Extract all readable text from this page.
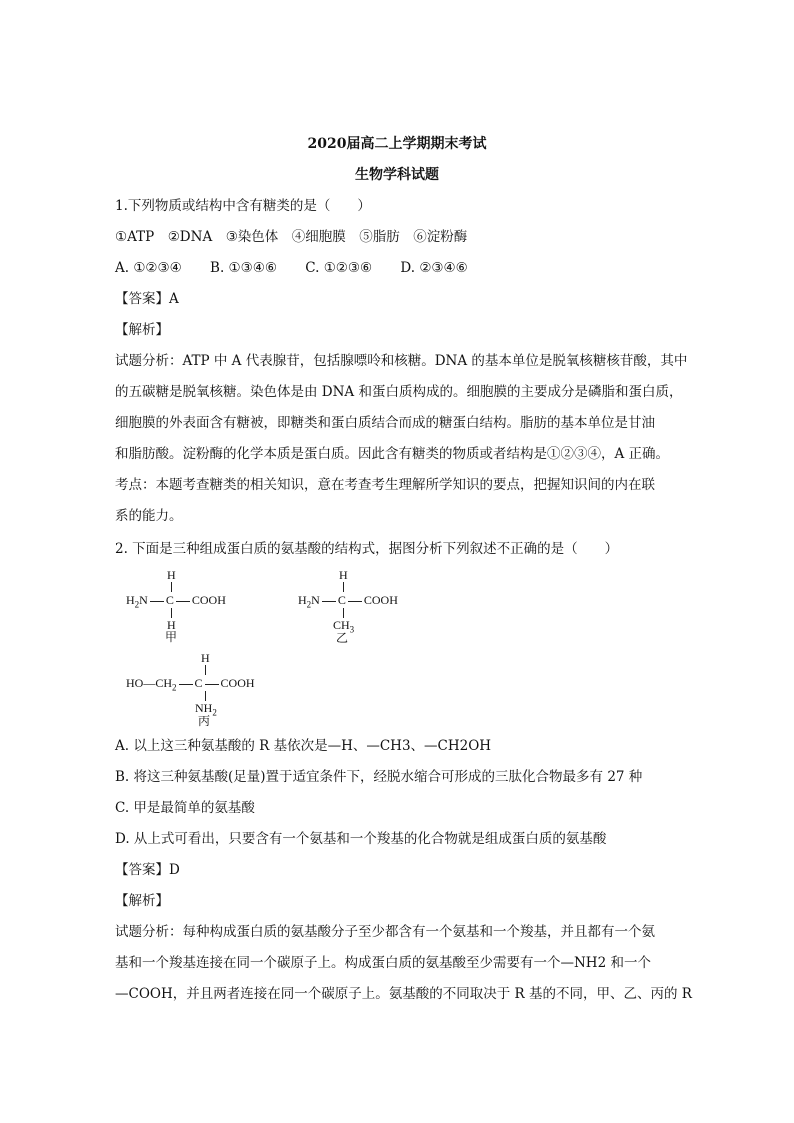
2020届高二上学期期末考试
生物学科试题
1.下列物质或结构中含有糖类的是（　　）
①ATP　②DNA　③染色体　④细胞膜　⑤脂肪　⑥淀粉酶
A. ①②③④ B. ①③④⑥ C. ①②③⑥ D. ②③④⑥
【答案】A
【解析】
试题分析：ATP 中 A 代表腺苷，包括腺嘌呤和核糖。DNA 的基本单位是脱氧核糖核苷酸，其中
的五碳糖是脱氧核糖。染色体是由 DNA 和蛋白质构成的。细胞膜的主要成分是磷脂和蛋白质，
细胞膜的外表面含有糖被，即糖类和蛋白质结合而成的糖蛋白结构。脂肪的基本单位是甘油
和脂肪酸。淀粉酶的化学本质是蛋白质。因此含有糖类的物质或者结构是①②③④，A 正确。
考点：本题考查糖类的相关知识，意在考查考生理解所学知识的要点，把握知识间的内在联
系的能力。
2. 下面是三种组成蛋白质的氨基酸的结构式，据图分析下列叙述不正确的是（　　）
H
$H_2N$ C COOH
H
甲
H
$H_2N$ C COOH
$CH_3$
乙
H
$HO—CH_2$ C COOH
$NH_2$
丙
A. 以上这三种氨基酸的 R 基依次是—H、—CH3、—CH2OH
B. 将这三种氨基酸(足量)置于适宜条件下，经脱水缩合可形成的三肽化合物最多有 27 种
C. 甲是最简单的氨基酸
D. 从上式可看出，只要含有一个氨基和一个羧基的化合物就是组成蛋白质的氨基酸
【答案】D
【解析】
试题分析：每种构成蛋白质的氨基酸分子至少都含有一个氨基和一个羧基，并且都有一个氨
基和一个羧基连接在同一个碳原子上。构成蛋白质的氨基酸至少需要有一个—NH2 和一个
—COOH，并且两者连接在同一个碳原子上。氨基酸的不同取决于 R 基的不同，甲、乙、丙的 R
